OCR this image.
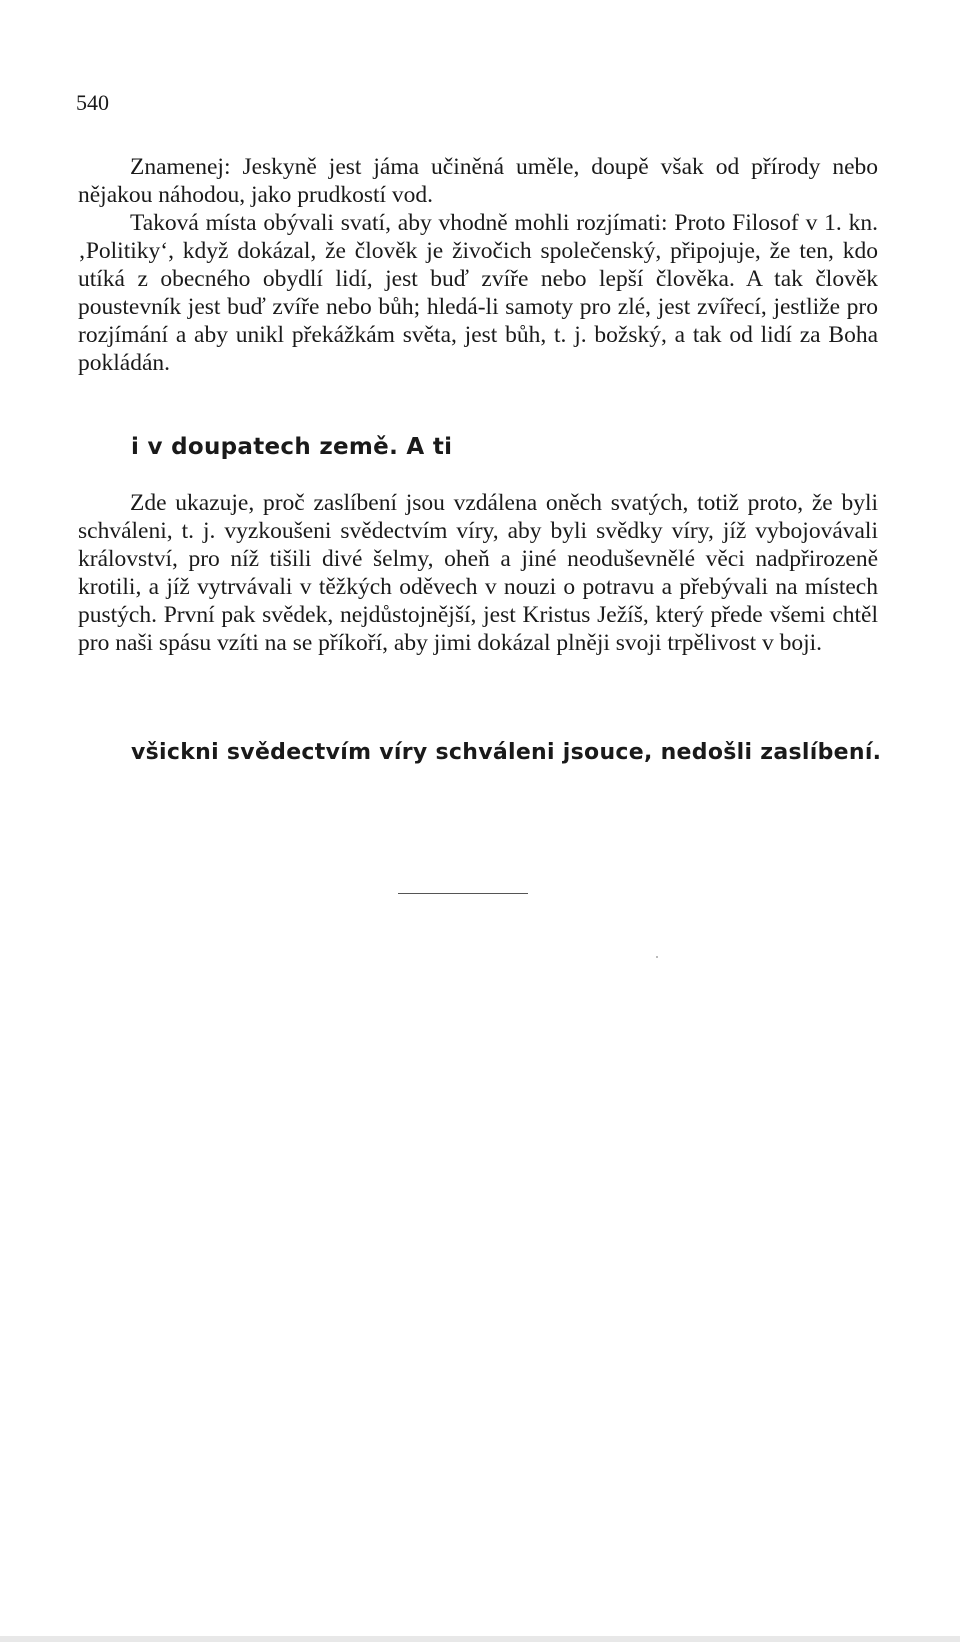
540

Znamenej: Jeskyně jest jáma učiněná uměle, doupě však od přírody nebo nějakou náhodou, jako prudkostí vod.

Taková místa obývali svatí, aby vhodně mohli rozjímati: Proto Filosof v 1. kn. ‚Politiky‘, když dokázal, že člověk je živočich společenský, připojuje, že ten, kdo utíká z obecného obydlí lidí, jest buď zvíře nebo lepší člověka. A tak člověk poustevník jest buď zvíře nebo bůh; hledá-li samoty pro zlé, jest zvířecí, jestliže pro rozjímání a aby unikl překážkám světa, jest bůh, t. j. božský, a tak od lidí za Boha pokládán.

i v doupatech země. A ti

Zde ukazuje, proč zaslíbení jsou vzdálena oněch svatých, totiž proto, že byli schváleni, t. j. vyzkoušeni svědectvím víry, aby byli svědky víry, jíž vybojovávali království, pro níž tišili divé šelmy, oheň a jiné neoduševnělé věci nadpřirozeně krotili, a jíž vytrvávali v těžkých oděvech v nouzi o potravu a přebývali na místech pustých. První pak svědek, nejdůstojnější, jest Kristus Ježíš, který přede všemi chtěl pro naši spásu vzíti na se příkoří, aby jimi dokázal plněji svoji trpělivost v boji.

všickni svědectvím víry schváleni jsouce, nedošli zaslíbení.
